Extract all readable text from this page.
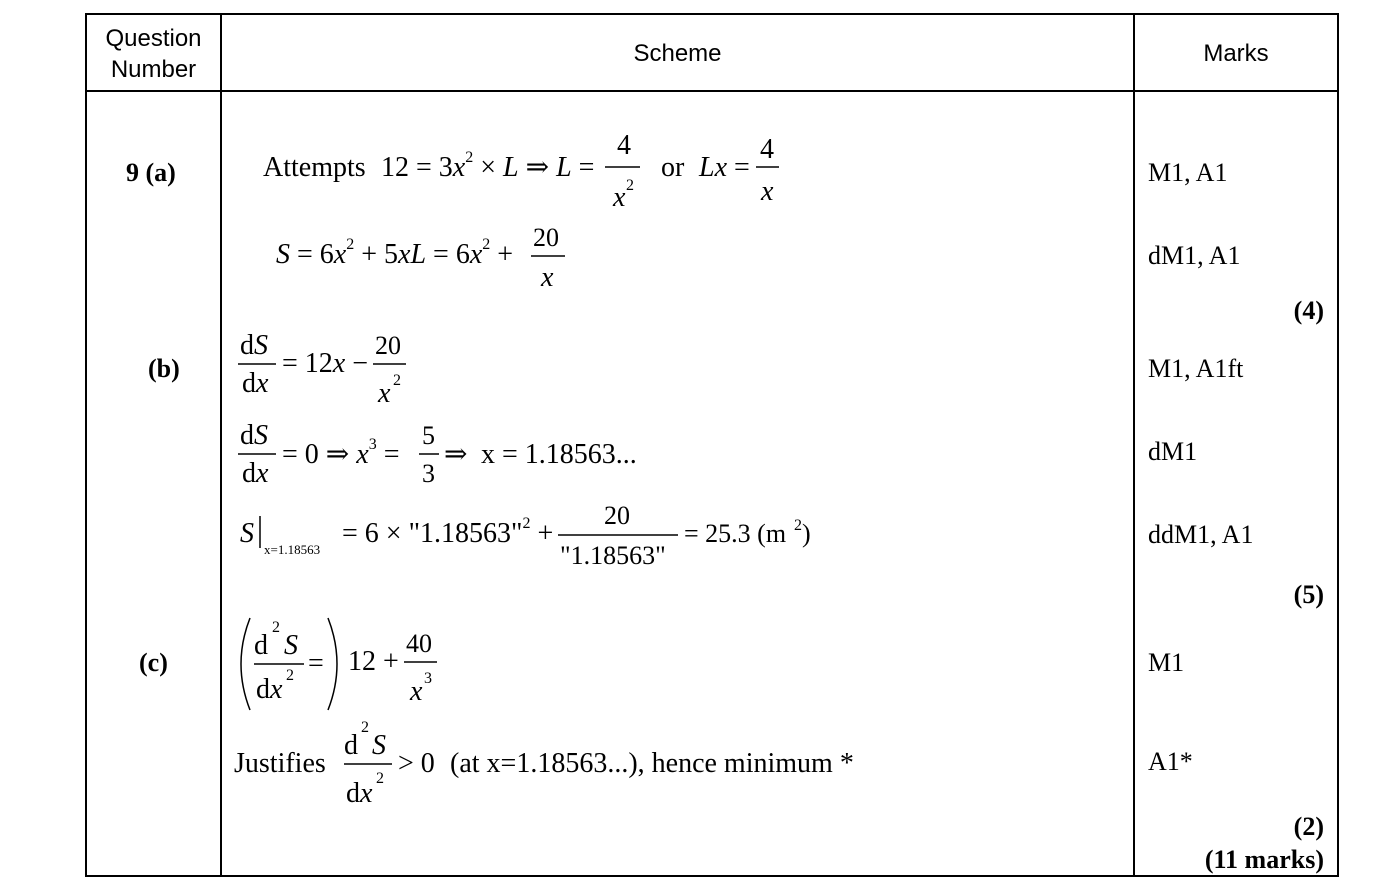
Question
Number
Scheme	Marks
9 (a)
(b)
(c)
M1, A1
dM1, A1
(4)
M1, A1ft
dM1
ddM1, A1
(5)
M1
A1*
(2)
(11 marks)
Attempts $12 = 3x^2 \times L$ ⇒ L =
4
x 2
or Lx =
4
x
$S = 6x^2 + 5xL = 6x^2$ +
20
x
dS
dx
= 12x −
20
x 2
dS
dx
= 0 ⇒ $x^3$ =
5
3
⇒ x = 1.18563...
S
x=1.18563
= 6 × "1.18563"$^2$ +
20
"1.18563"
= 25.3 (m 2 )
d
2
S
dx 2 = 12 +
40
x 3
Justifies
d
2
S
dx 2 > 0 (at x=1.18563...), hence minimum *
